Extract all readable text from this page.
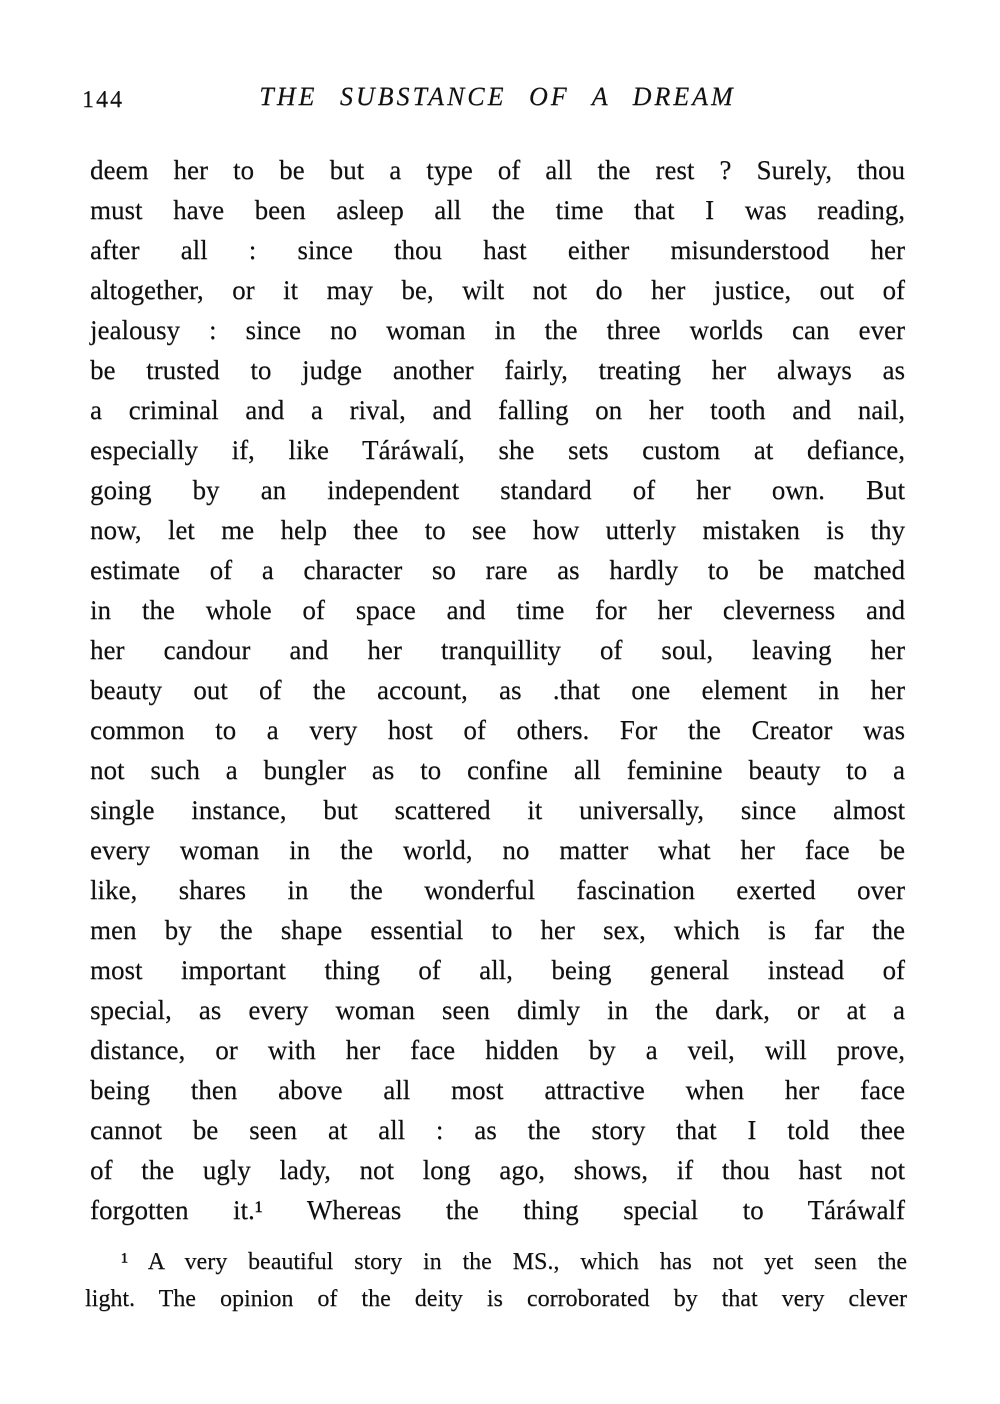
144	THE SUBSTANCE OF A DREAM
deem her to be but a type of all the rest ? Surely, thou
must have been asleep all the time that I was reading,
after all : since thou hast either misunderstood her
altogether, or it may be, wilt not do her justice, out of
jealousy : since no woman in the three worlds can ever
be trusted to judge another fairly, treating her always as
a criminal and a rival, and falling on her tooth and nail,
especially if, like Táráwalí, she sets custom at defiance,
going by an independent standard of her own. But
now, let me help thee to see how utterly mistaken is thy
estimate of a character so rare as hardly to be matched
in the whole of space and time for her cleverness and
her candour and her tranquillity of soul, leaving her
beauty out of the account, as .that one element in her
common to a very host of others. For the Creator was
not such a bungler as to confine all feminine beauty to a
single instance, but scattered it universally, since almost
every woman in the world, no matter what her face be
like, shares in the wonderful fascination exerted over
men by the shape essential to her sex, which is far the
most important thing of all, being general instead of
special, as every woman seen dimly in the dark, or at a
distance, or with her face hidden by a veil, will prove,
being then above all most attractive when her face
cannot be seen at all : as the story that I told thee
of the ugly lady, not long ago, shows, if thou hast not
forgotten it.¹ Whereas the thing special to Táráwalf
¹ A very beautiful story in the MS., which has not yet seen the
light. The opinion of the deity is corroborated by that very clever
